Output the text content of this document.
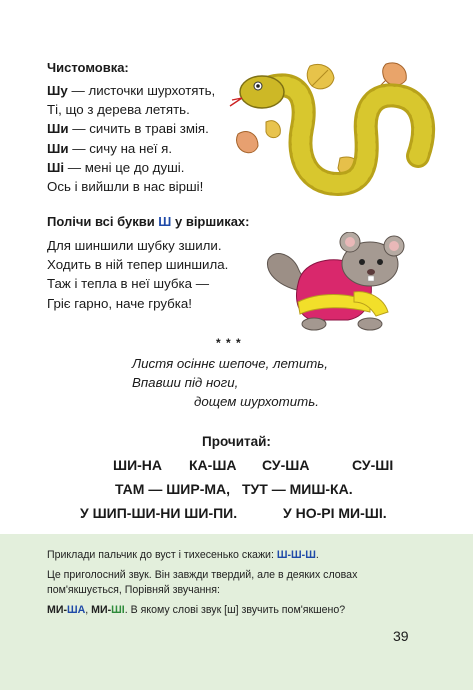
Чистомовка:
Шу — листочки шурхотять,
Ті, що з дерева летять.
Ши — сичить в траві змія.
Ши — сичу на неї я.
Ші — мені це до душі.
Ось і вийшли в нас вірші!
Полічи всі букви Ш у віршиках:
Для шиншили шубку зшили.
Ходить в ній тепер шиншила.
Таж і тепла в неї шубка —
Гріє гарно, наче грубка!
* * *
Листя осіннє шепоче, летить,
Впавши під ноги,
дощем шурхотить.
Прочитай:
ШИ-НА КА-ША СУ-ША	СУ-ШІ
ТАМ — ШИР-МА, ТУТ — МИШ-КА.
У ШИП-ШИ-НИ ШИ-ПИ.	У НО-РІ МИ-ШІ.
Приклади пальчик до вуст і тихесенько скажи: Ш-Ш-Ш.
Це приголосний звук. Він завжди твердий, але в деяких словах
пом'якшується, Порівняй звучання:
МИ-ША, МИ-ШІ. В якому слові звук [ш] звучить пом'якшено?
39
